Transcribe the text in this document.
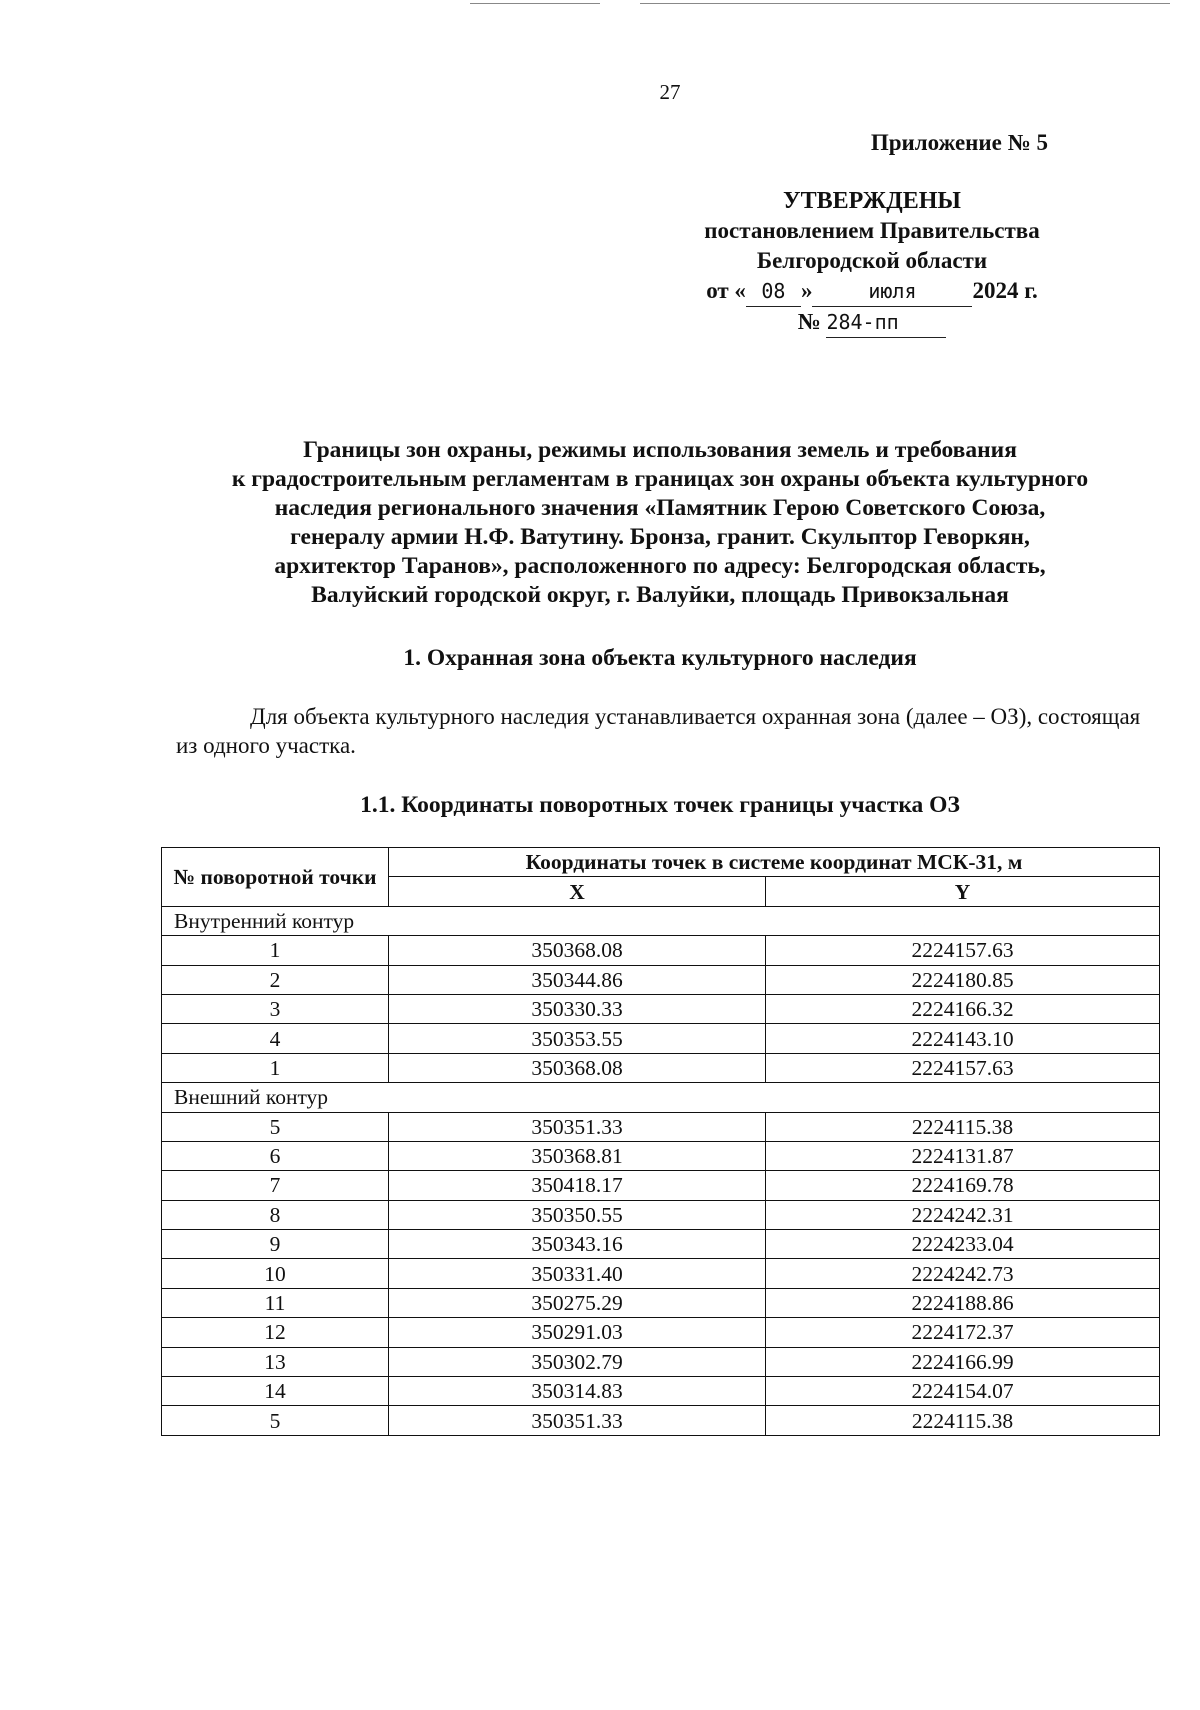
27
Приложение № 5
УТВЕРЖДЕНЫ
постановлением Правительства
Белгородской области
от « 08 »	июля 2024 г.
№ 284-пп
Границы зон охраны, режимы использования земель и требования
к градостроительным регламентам в границах зон охраны объекта культурного
наследия регионального значения «Памятник Герою Советского Союза,
генералу армии Н.Ф. Ватутину. Бронза, гранит. Скульптор Геворкян,
архитектор Таранов», расположенного по адресу: Белгородская область,
Валуйский городской округ, г. Валуйки, площадь Привокзальная
1. Охранная зона объекта культурного наследия
Для объекта культурного наследия устанавливается охранная зона (далее – ОЗ), состоящая из одного участка.
1.1. Координаты поворотных точек границы участка ОЗ
№ поворотной точки	Координаты точек в системе координат МСК-31, м	
	X	Y
Внутренний контур		
1	350368.08	2224157.63
2	350344.86	2224180.85
3	350330.33	2224166.32
4	350353.55	2224143.10
1	350368.08	2224157.63
Внешний контур		
5	350351.33	2224115.38
6	350368.81	2224131.87
7	350418.17	2224169.78
8	350350.55	2224242.31
9	350343.16	2224233.04
10	350331.40	2224242.73
11	350275.29	2224188.86
12	350291.03	2224172.37
13	350302.79	2224166.99
14	350314.83	2224154.07
5	350351.33	2224115.38
